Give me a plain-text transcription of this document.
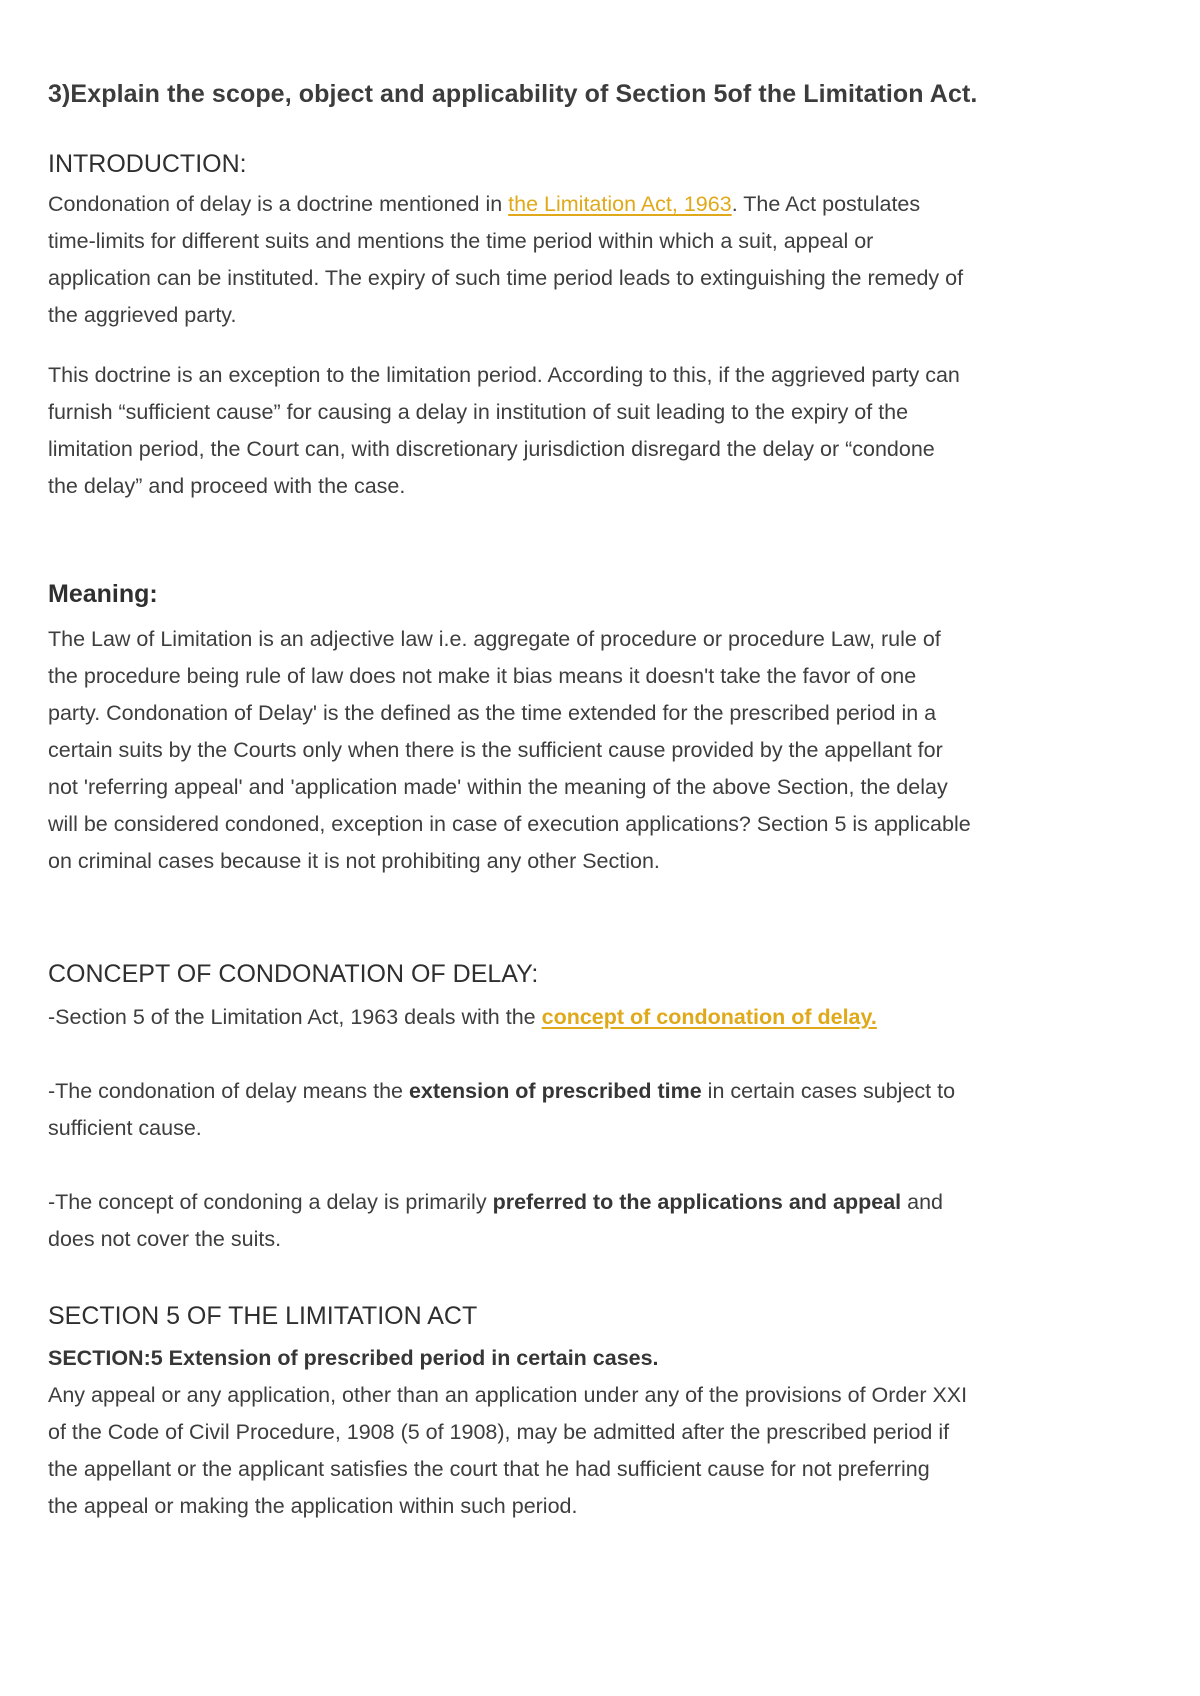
3)Explain the scope, object and applicability of Section 5of the Limitation Act.
INTRODUCTION:
Condonation of delay is a doctrine mentioned in the Limitation Act, 1963. The Act postulates
time-limits for different suits and mentions the time period within which a suit, appeal or
application can be instituted. The expiry of such time period leads to extinguishing the remedy of
the aggrieved party.
This doctrine is an exception to the limitation period. According to this, if the aggrieved party can
furnish “sufficient cause” for causing a delay in institution of suit leading to the expiry of the
limitation period, the Court can, with discretionary jurisdiction disregard the delay or “condone
the delay” and proceed with the case.
Meaning:
The Law of Limitation is an adjective law i.e. aggregate of procedure or procedure Law, rule of
the procedure being rule of law does not make it bias means it doesn't take the favor of one
party. Condonation of Delay' is the defined as the time extended for the prescribed period in a
certain suits by the Courts only when there is the sufficient cause provided by the appellant for
not 'referring appeal' and 'application made' within the meaning of the above Section, the delay
will be considered condoned, exception in case of execution applications? Section 5 is applicable
on criminal cases because it is not prohibiting any other Section.
CONCEPT OF CONDONATION OF DELAY:
-Section 5 of the Limitation Act, 1963 deals with the concept of condonation of delay.
-The condonation of delay means the extension of prescribed time in certain cases subject to
sufficient cause.
-The concept of condoning a delay is primarily preferred to the applications and appeal and
does not cover the suits.
SECTION 5 OF THE LIMITATION ACT
SECTION:5 Extension of prescribed period in certain cases.
Any appeal or any application, other than an application under any of the provisions of Order XXI
of the Code of Civil Procedure, 1908 (5 of 1908), may be admitted after the prescribed period if
the appellant or the applicant satisfies the court that he had sufficient cause for not preferring
the appeal or making the application within such period.
